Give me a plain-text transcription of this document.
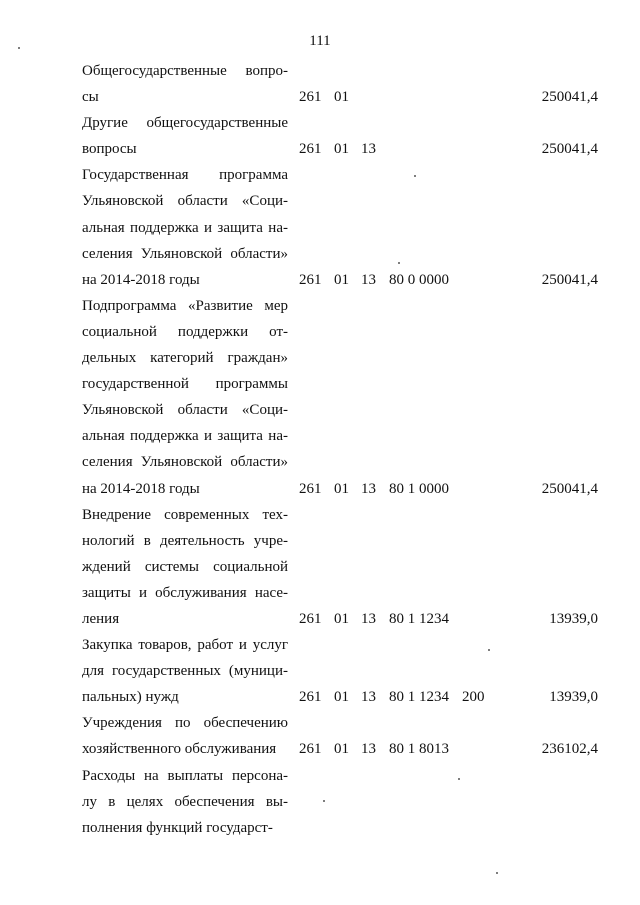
111
Общегосударственные вопро-
сы	261 01	250041,4
Другие общегосударственные
вопросы	261 01 13	250041,4
Государственная программа
Ульяновской области «Соци-
альная поддержка и защита на-
селения Ульяновской области»
на 2014-2018 годы	261 01 13 80 0 0000	250041,4
Подпрограмма «Развитие мер
социальной поддержки от-
дельных категорий граждан»
государственной программы
Ульяновской области «Соци-
альная поддержка и защита на-
селения Ульяновской области»
на 2014-2018 годы	261 01 13 80 1 0000	250041,4
Внедрение современных тех-
нологий в деятельность учре-
ждений системы социальной
защиты и обслуживания насе-
ления	261 01 13 80 1 1234	13939,0
Закупка товаров, работ и услуг
для государственных (муници-
пальных) нужд	261 01 13 80 1 1234 200	13939,0
Учреждения по обеспечению
хозяйственного обслуживания	261 01 13 80 1 8013	236102,4
Расходы на выплаты персона-
лу в целях обеспечения вы-
полнения функций государст-
